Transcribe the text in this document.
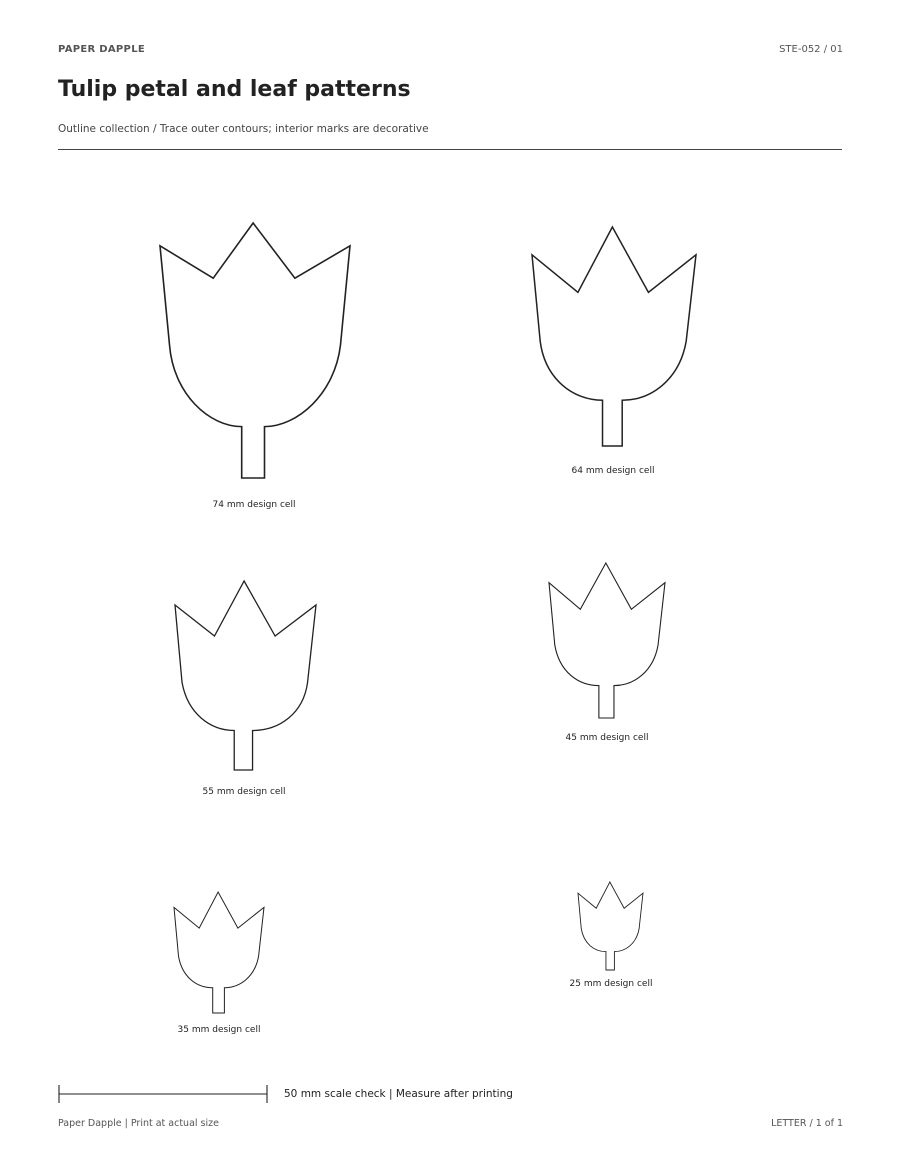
PAPER DAPPLE	STE-052 / 01
Tulip petal and leaf patterns
Outline collection / Trace outer contours; interior marks are decorative
74 mm design cell
64 mm design cell
55 mm design cell
45 mm design cell
35 mm design cell
25 mm design cell
50 mm scale check | Measure after printing
Paper Dapple | Print at actual size	LETTER / 1 of 1
